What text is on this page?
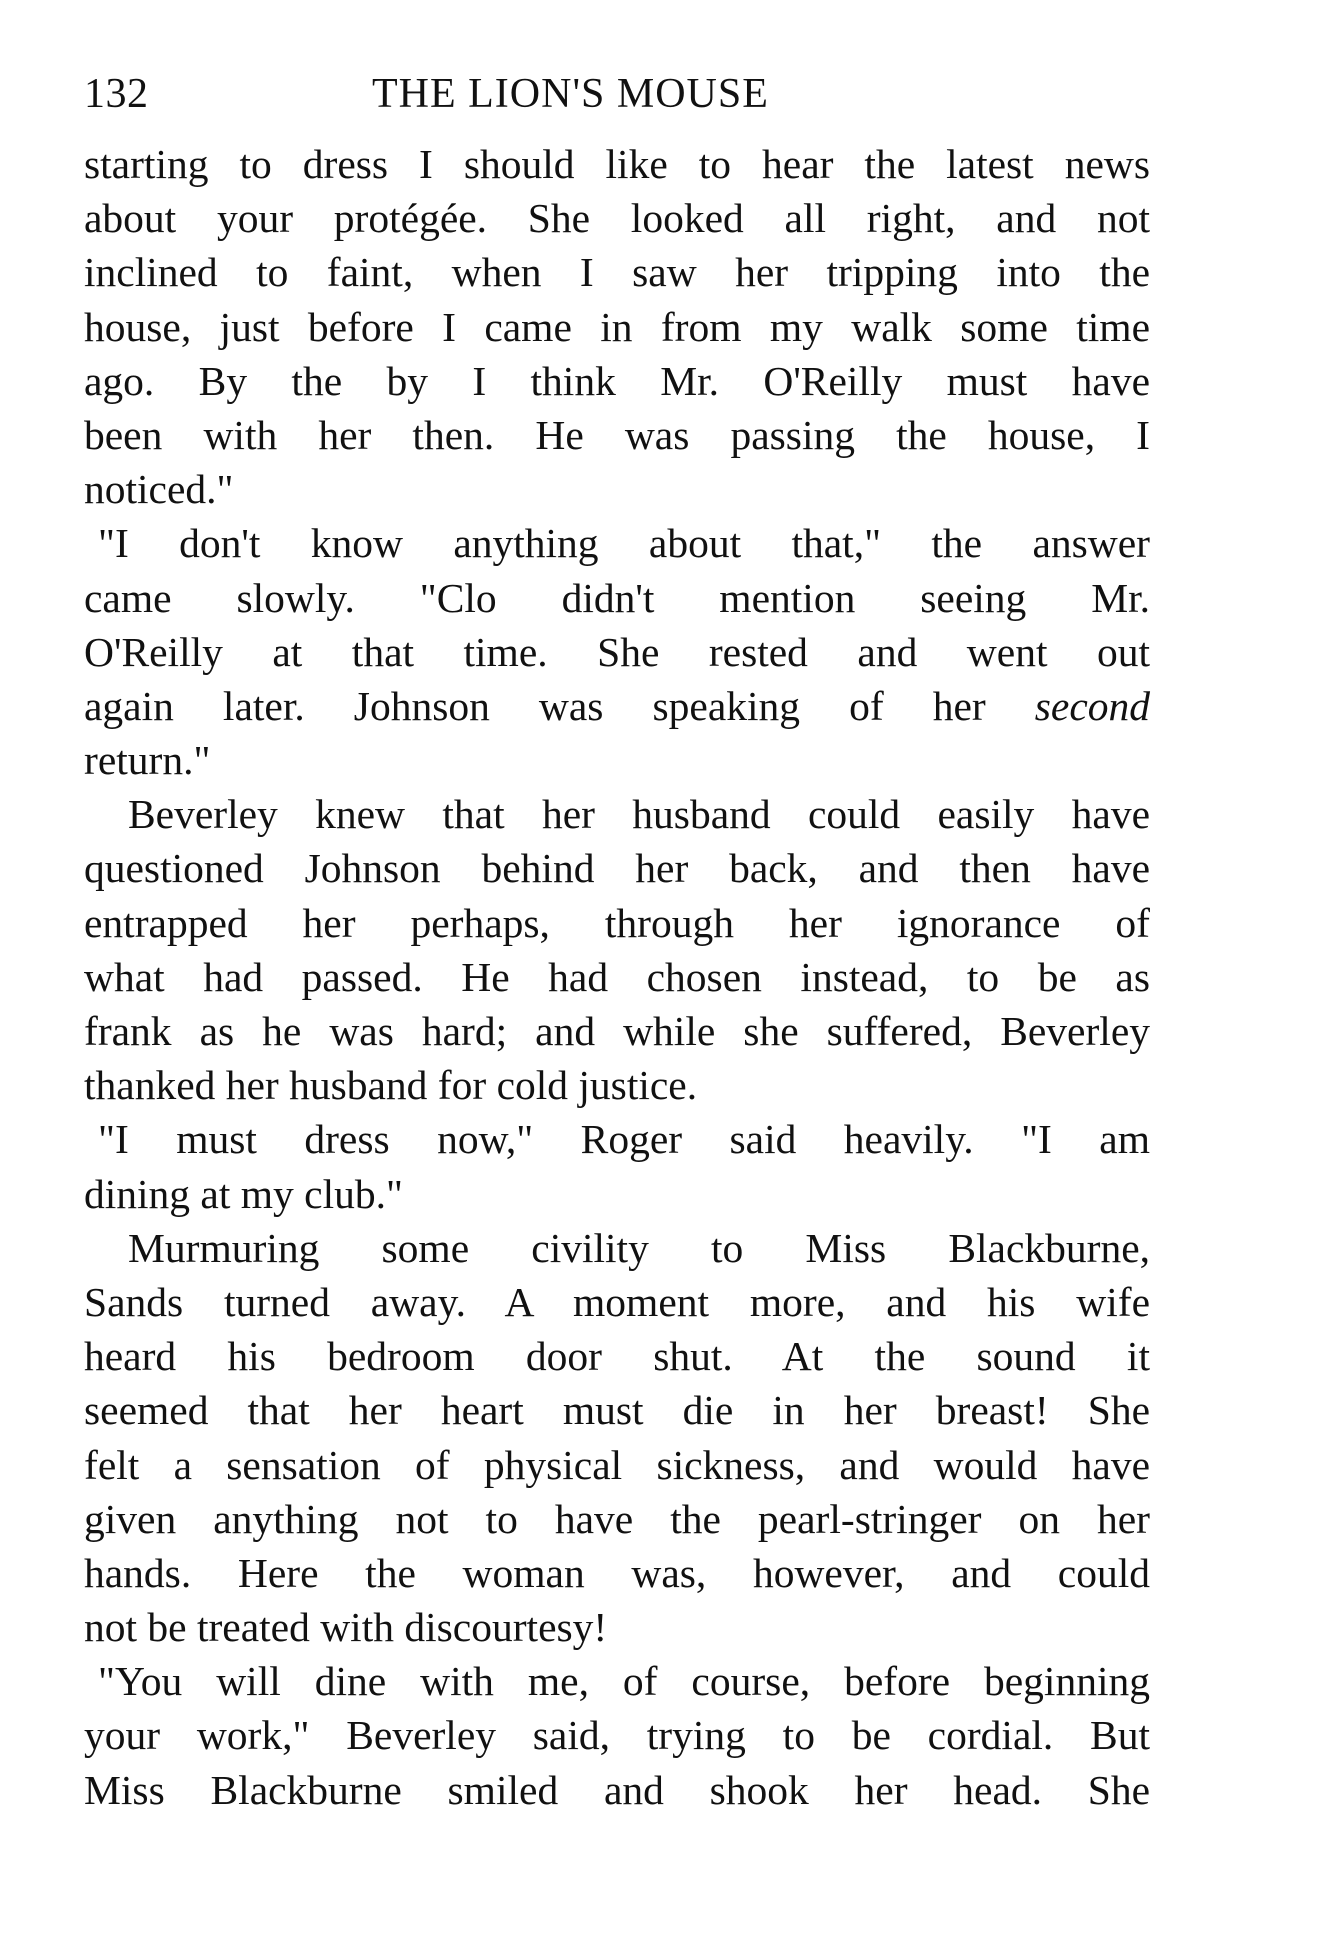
132	THE LION'S MOUSE
starting to dress I should like to hear the latest news
about your protégée. She looked all right, and not
inclined to faint, when I saw her tripping into the
house, just before I came in from my walk some time
ago. By the by I think Mr. O'Reilly must have
been with her then. He was passing the house, I
noticed."
"I don't know anything about that," the answer
came slowly. "Clo didn't mention seeing Mr.
O'Reilly at that time. She rested and went out
again later. Johnson was speaking of her second
return."
Beverley knew that her husband could easily have
questioned Johnson behind her back, and then have
entrapped her perhaps, through her ignorance of
what had passed. He had chosen instead, to be as
frank as he was hard; and while she suffered, Beverley
thanked her husband for cold justice.
"I must dress now," Roger said heavily. "I am
dining at my club."
Murmuring some civility to Miss Blackburne,
Sands turned away. A moment more, and his wife
heard his bedroom door shut. At the sound it
seemed that her heart must die in her breast! She
felt a sensation of physical sickness, and would have
given anything not to have the pearl-stringer on her
hands. Here the woman was, however, and could
not be treated with discourtesy!
"You will dine with me, of course, before beginning
your work," Beverley said, trying to be cordial. But
Miss Blackburne smiled and shook her head. She
